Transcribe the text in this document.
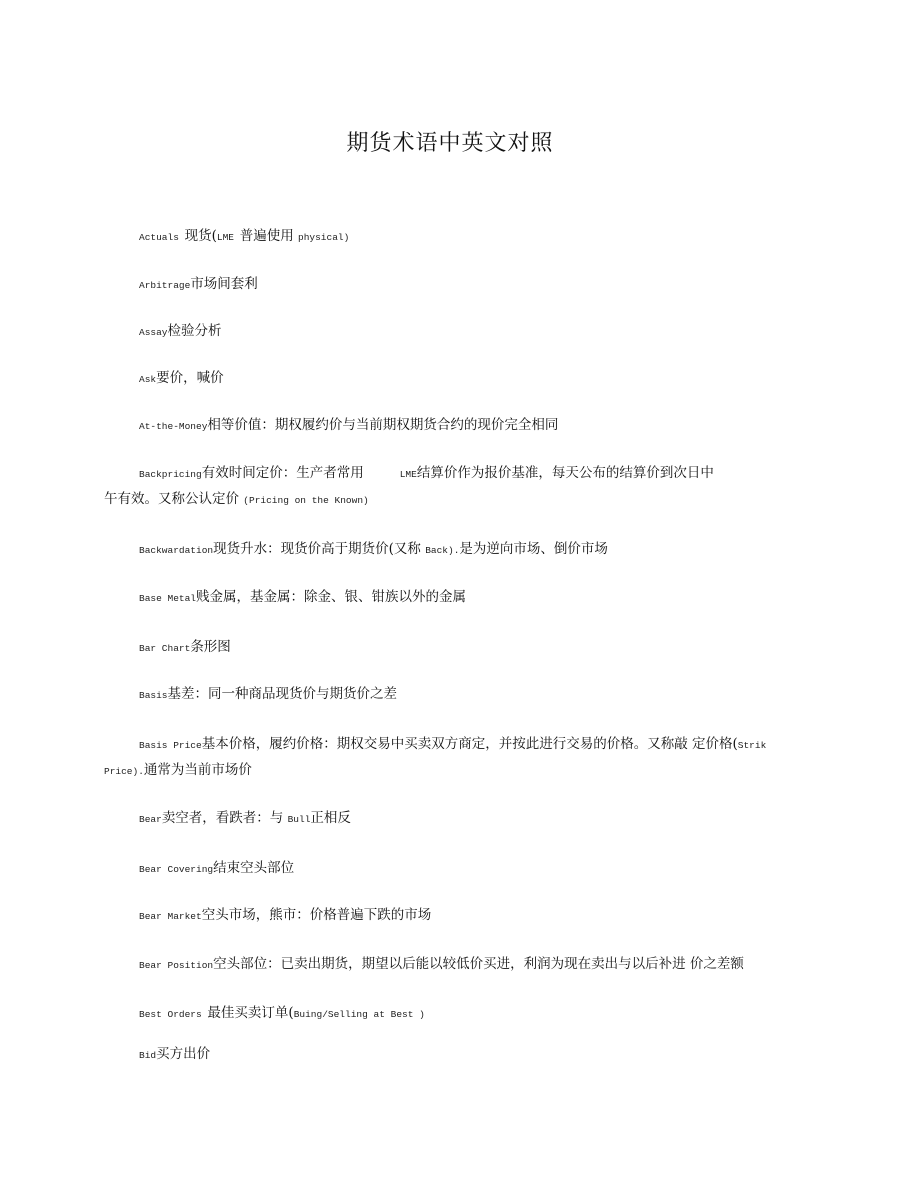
期货术语中英文对照
Actuals 现货(LME 普遍使用 physical)
Arbitrage市场间套利
Assay检验分析
Ask要价，喊价
At-the-Money相等价值：期权履约价与当前期权期货合约的现价完全相同
Backpricing有效时间定价：生产者常用	LME结算价作为报价基准，每天公布的结算价到次日中
午有效。又称公认定价 (Pricing on the Known)
Backwardation现货升水：现货价高于期货价(又称 Back).是为逆向市场、倒价市场
Base Metal贱金属，基金属：除金、银、钳族以外的金属
Bar Chart条形图
Basis基差：同一种商品现货价与期货价之差
Basis Price基本价格，履约价格：期权交易中买卖双方商定，并按此进行交易的价格。又称敲 定价格(Strik
Price).通常为当前市场价
Bear卖空者，看跌者：与 Bull正相反
Bear Covering结束空头部位
Bear Market空头市场，熊市：价格普遍下跌的市场
Bear Position空头部位：已卖出期货，期望以后能以较低价买进，利润为现在卖出与以后补进 价之差额
Best Orders 最佳买卖订单(Buing/Selling at Best )
Bid买方出价
